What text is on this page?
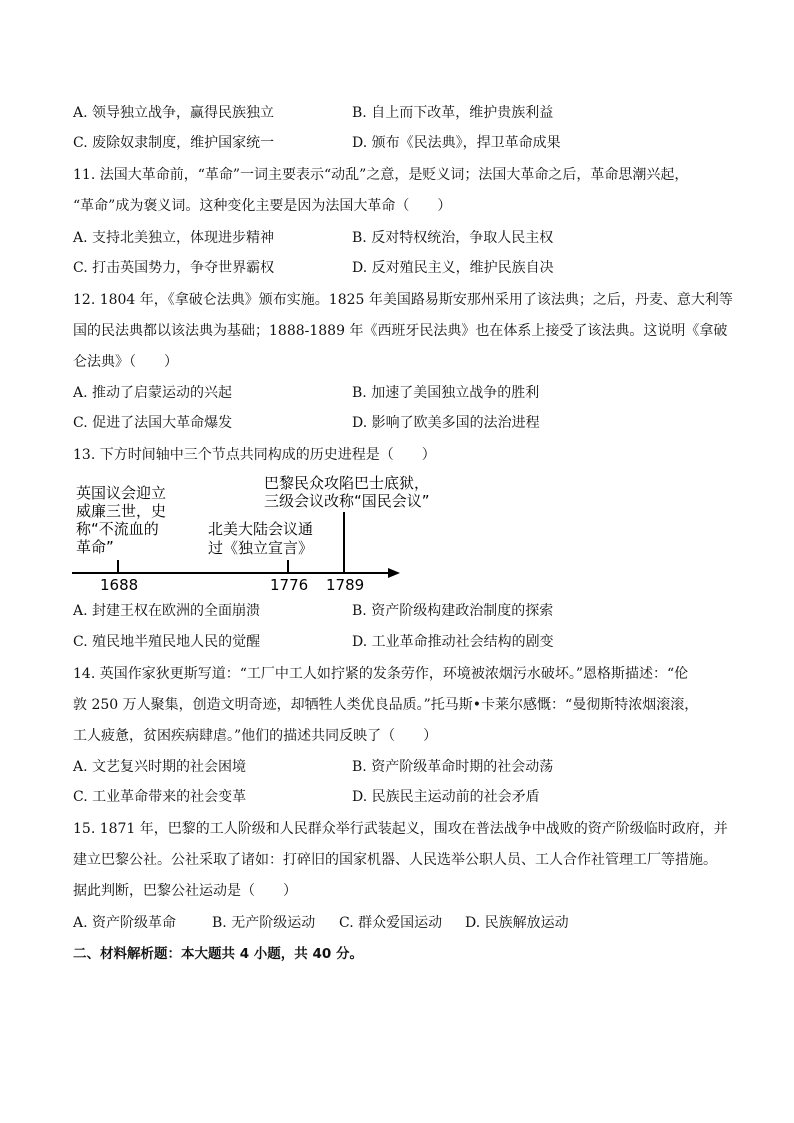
A. 领导独立战争，赢得民族独立	B. 自上而下改革，维护贵族利益
C. 废除奴隶制度，维护国家统一	D. 颁布《民法典》，捍卫革命成果
11. 法国大革命前，“革命”一词主要表示“动乱”之意，是贬义词；法国大革命之后，革命思潮兴起，
“革命”成为褒义词。这种变化主要是因为法国大革命（　　）
A. 支持北美独立，体现进步精神	B. 反对特权统治，争取人民主权
C. 打击英国势力，争夺世界霸权	D. 反对殖民主义，维护民族自决
12. 1804 年，《拿破仑法典》颁布实施。1825 年美国路易斯安那州采用了该法典；之后，丹麦、意大利等
国的民法典都以该法典为基础；1888-1889 年《西班牙民法典》也在体系上接受了该法典。这说明《拿破
仑法典》（　　）
A. 推动了启蒙运动的兴起	B. 加速了美国独立战争的胜利
C. 促进了法国大革命爆发	D. 影响了欧美多国的法治进程
13. 下方时间轴中三个节点共同构成的历史进程是（　　）
英国议会迎立
威廉三世，史
称“不流血的
革命”
北美大陆会议通
过《独立宣言》
巴黎民众攻陷巴士底狱，
三级会议改称“国民会议”
1688	1776 1789
A. 封建王权在欧洲的全面崩溃	B. 资产阶级构建政治制度的探索
C. 殖民地半殖民地人民的觉醒	D. 工业革命推动社会结构的剧变
14. 英国作家狄更斯写道：“工厂中工人如拧紧的发条劳作，环境被浓烟污水破坏。”恩格斯描述：“伦
敦 250 万人聚集，创造文明奇迹，却牺牲人类优良品质。”托马斯•卡莱尔感慨：“曼彻斯特浓烟滚滚，
工人疲惫，贫困疾病肆虐。”他们的描述共同反映了（　　）
A. 文艺复兴时期的社会困境	B. 资产阶级革命时期的社会动荡
C. 工业革命带来的社会变革	D. 民族民主运动前的社会矛盾
15. 1871 年，巴黎的工人阶级和人民群众举行武装起义，围攻在普法战争中战败的资产阶级临时政府，并
建立巴黎公社。公社采取了诸如：打碎旧的国家机器、人民选举公职人员、工人合作社管理工厂等措施。
据此判断，巴黎公社运动是（　　）
A. 资产阶级革命	B. 无产阶级运动 C. 群众爱国运动 D. 民族解放运动
二、材料解析题：本大题共 4 小题，共 40 分。
